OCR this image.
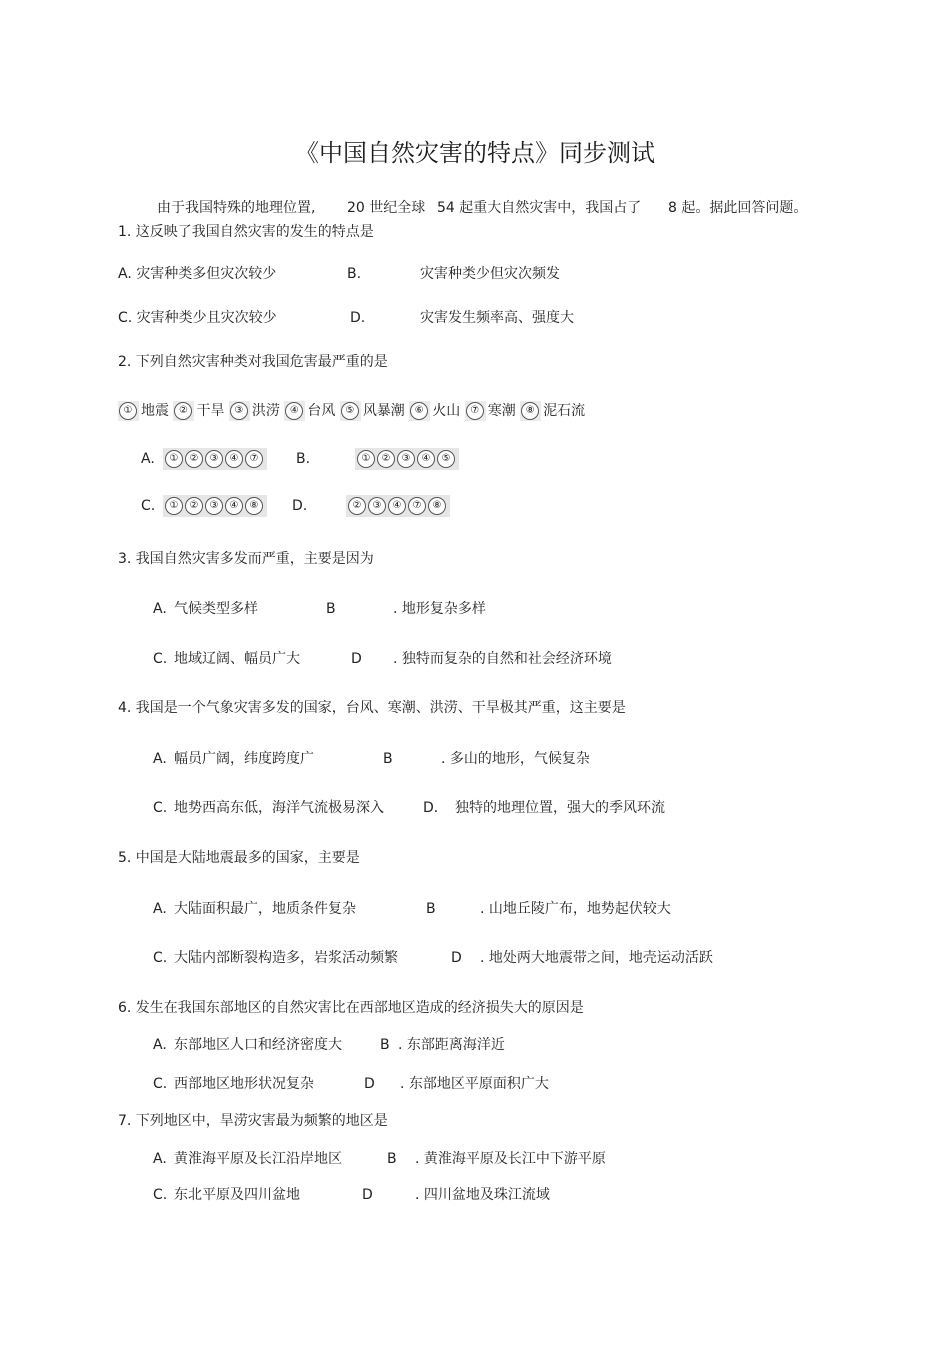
《中国自然灾害的特点》同步测试
由于我国特殊的地理位置, 20 世纪全球 54 起重大自然灾害中，我国占了 8 起。据此回答问题。
1. 这反映了我国自然灾害的发生的特点是
A. 灾害种类多但灾次较少	B.	灾害种类少但灾次频发
C. 灾害种类少且灾次较少	D.	灾害发生频率高、强度大
2. 下列自然灾害种类对我国危害最严重的是
① 地震 ② 干旱 ③ 洪涝 ④ 台风 ⑤ 风暴潮 ⑥ 火山 ⑦ 寒潮 ⑧ 泥石流
A.	① ② ③ ④ ⑦	B.	① ② ③ ④ ⑤
C.	① ② ③ ④ ⑧	D.	② ③ ④ ⑦ ⑧
3. 我国自然灾害多发而严重，主要是因为
A. 气候类型多样	B	. 地形复杂多样
C. 地域辽阔、幅员广大	D . 独特而复杂的自然和社会经济环境
4. 我国是一个气象灾害多发的国家，台风、寒潮、洪涝、干旱极其严重，这主要是
A. 幅员广阔，纬度跨度广	B	. 多山的地形，气候复杂
C. 地势西高东低，海洋气流极易深入	D． 独特的地理位置，强大的季风环流
5. 中国是大陆地震最多的国家，主要是
A. 大陆面积最广，地质条件复杂	B	. 山地丘陵广布，地势起伏较大
C. 大陆内部断裂构造多，岩浆活动频繁	D . 地处两大地震带之间，地壳运动活跃
6. 发生在我国东部地区的自然灾害比在西部地区造成的经济损失大的原因是
A. 东部地区人口和经济密度大	B . 东部距离海洋近
C. 西部地区地形状况复杂	D . 东部地区平原面积广大
7. 下列地区中，旱涝灾害最为频繁的地区是
A. 黄淮海平原及长江沿岸地区	B . 黄淮海平原及长江中下游平原
C. 东北平原及四川盆地	D	. 四川盆地及珠江流域
